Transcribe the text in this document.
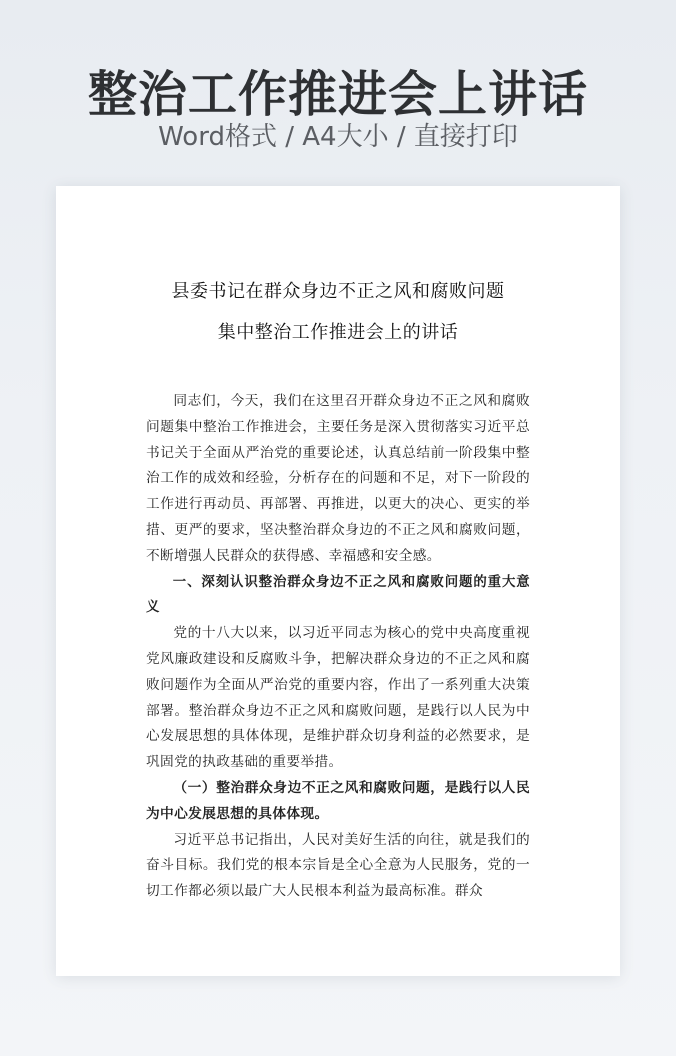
整治工作推进会上讲话
Word格式 / A4大小 / 直接打印
县委书记在群众身边不正之风和腐败问题
集中整治工作推进会上的讲话

同志们，今天，我们在这里召开群众身边不正之风和腐败问题集中整治工作推进会，主要任务是深入贯彻落实习近平总书记关于全面从严治党的重要论述，认真总结前一阶段集中整治工作的成效和经验，分析存在的问题和不足，对下一阶段的工作进行再动员、再部署、再推进，以更大的决心、更实的举措、更严的要求，坚决整治群众身边的不正之风和腐败问题，不断增强人民群众的获得感、幸福感和安全感。

一、深刻认识整治群众身边不正之风和腐败问题的重大意义

党的十八大以来，以习近平同志为核心的党中央高度重视党风廉政建设和反腐败斗争，把解决群众身边的不正之风和腐败问题作为全面从严治党的重要内容，作出了一系列重大决策部署。整治群众身边不正之风和腐败问题，是践行以人民为中心发展思想的具体体现，是维护群众切身利益的必然要求，是巩固党的执政基础的重要举措。

（一）整治群众身边不正之风和腐败问题，是践行以人民为中心发展思想的具体体现。

习近平总书记指出，人民对美好生活的向往，就是我们的奋斗目标。我们党的根本宗旨是全心全意为人民服务，党的一切工作都必须以最广大人民根本利益为最高标准。群众
